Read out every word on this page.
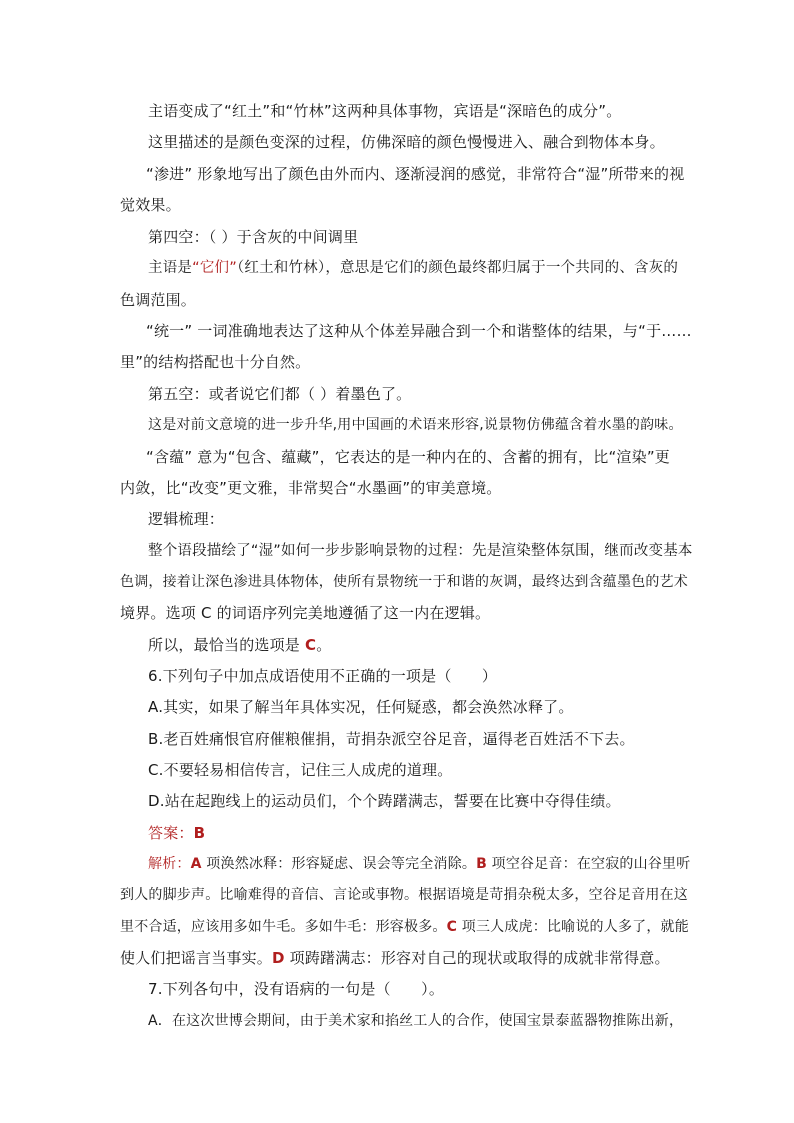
主语变成了“红土”和“竹林”这两种具体事物，宾语是“深暗色的成分”。
这里描述的是颜色变深的过程，仿佛深暗的颜色慢慢进入、融合到物体本身。
“渗进” 形象地写出了颜色由外而内、逐渐浸润的感觉，非常符合“湿”所带来的视
觉效果。
第四空：（ ）于含灰的中间调里
主语是“它们”（红土和竹林），意思是它们的颜色最终都归属于一个共同的、含灰的
色调范围。
“统一” 一词准确地表达了这种从个体差异融合到一个和谐整体的结果，与“于……
里”的结构搭配也十分自然。
第五空：或者说它们都（ ）着墨色了。
这是对前文意境的进一步升华,用中国画的术语来形容,说景物仿佛蕴含着水墨的韵味。
“含蕴” 意为“包含、蕴藏”，它表达的是一种内在的、含蓄的拥有，比“渲染”更
内敛，比“改变”更文雅，非常契合“水墨画”的审美意境。
逻辑梳理：
整个语段描绘了“湿”如何一步步影响景物的过程：先是渲染整体氛围，继而改变基本
色调，接着让深色渗进具体物体，使所有景物统一于和谐的灰调，最终达到含蕴墨色的艺术
境界。选项 C 的词语序列完美地遵循了这一内在逻辑。
所以，最恰当的选项是 C。
6.下列句子中加点成语使用不正确的一项是（　　）
A.其实，如果了解当年具体实况，任何疑惑，都会涣然冰释了。
B.老百姓痛恨官府催粮催捐，苛捐杂派空谷足音，逼得老百姓活不下去。
C.不要轻易相信传言，记住三人成虎的道理。
D.站在起跑线上的运动员们，个个踌躇满志，誓要在比赛中夺得佳绩。
答案：B
解析：A 项涣然冰释：形容疑虑、误会等完全消除。B 项空谷足音：在空寂的山谷里听
到人的脚步声。比喻难得的音信、言论或事物。根据语境是苛捐杂税太多，空谷足音用在这
里不合适，应该用多如牛毛。多如牛毛：形容极多。C 项三人成虎：比喻说的人多了，就能
使人们把谣言当事实。D 项踌躇满志：形容对自己的现状或取得的成就非常得意。
7.下列各句中，没有语病的一句是（　　）。
A．在这次世博会期间，由于美术家和掐丝工人的合作，使国宝景泰蓝器物推陈出新，
